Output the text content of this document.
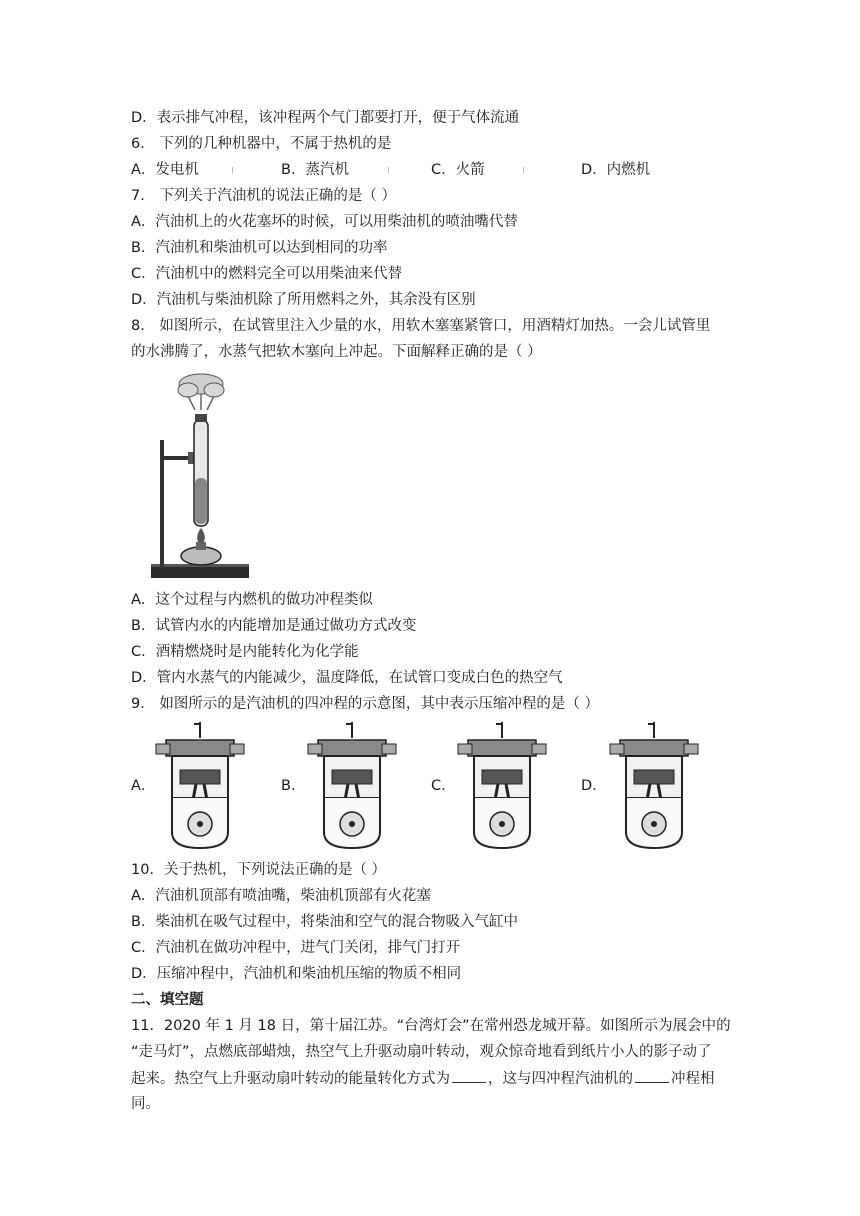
D．表示排气冲程，该冲程两个气门都要打开，便于气体流通
6． 下列的几种机器中，不属于热机的是
A．发电机	B．蒸汽机	C．火箭	D．内燃机
7． 下列关于汽油机的说法正确的是（ ）
A．汽油机上的火花塞坏的时候，可以用柴油机的喷油嘴代替
B．汽油机和柴油机可以达到相同的功率
C．汽油机中的燃料完全可以用柴油来代替
D．汽油机与柴油机除了所用燃料之外，其余没有区别
8． 如图所示，在试管里注入少量的水，用软木塞塞紧管口，用酒精灯加热。一会儿试管里
的水沸腾了，水蒸气把软木塞向上冲起。下面解释正确的是（ ）
A．这个过程与内燃机的做功冲程类似
B．试管内水的内能增加是通过做功方式改变
C．酒精燃烧时是内能转化为化学能
D．管内水蒸气的内能减少，温度降低，在试管口变成白色的热空气
9． 如图所示的是汽油机的四冲程的示意图，其中表示压缩冲程的是（ ）
A．	B．	C．	D．
10．关于热机，下列说法正确的是（ ）
A．汽油机顶部有喷油嘴，柴油机顶部有火花塞
B．柴油机在吸气过程中，将柴油和空气的混合物吸入气缸中
C．汽油机在做功冲程中，进气门关闭，排气门打开
D．压缩冲程中，汽油机和柴油机压缩的物质不相同
二、填空题
11．2020 年 1 月 18 日，第十届江苏。“台湾灯会”在常州恐龙城开幕。如图所示为展会中的
“走马灯”，点燃底部蜡烛，热空气上升驱动扇叶转动，观众惊奇地看到纸片小人的影子动了
起来。热空气上升驱动扇叶转动的能量转化方式为	，这与四冲程汽油机的	冲程相
同。
